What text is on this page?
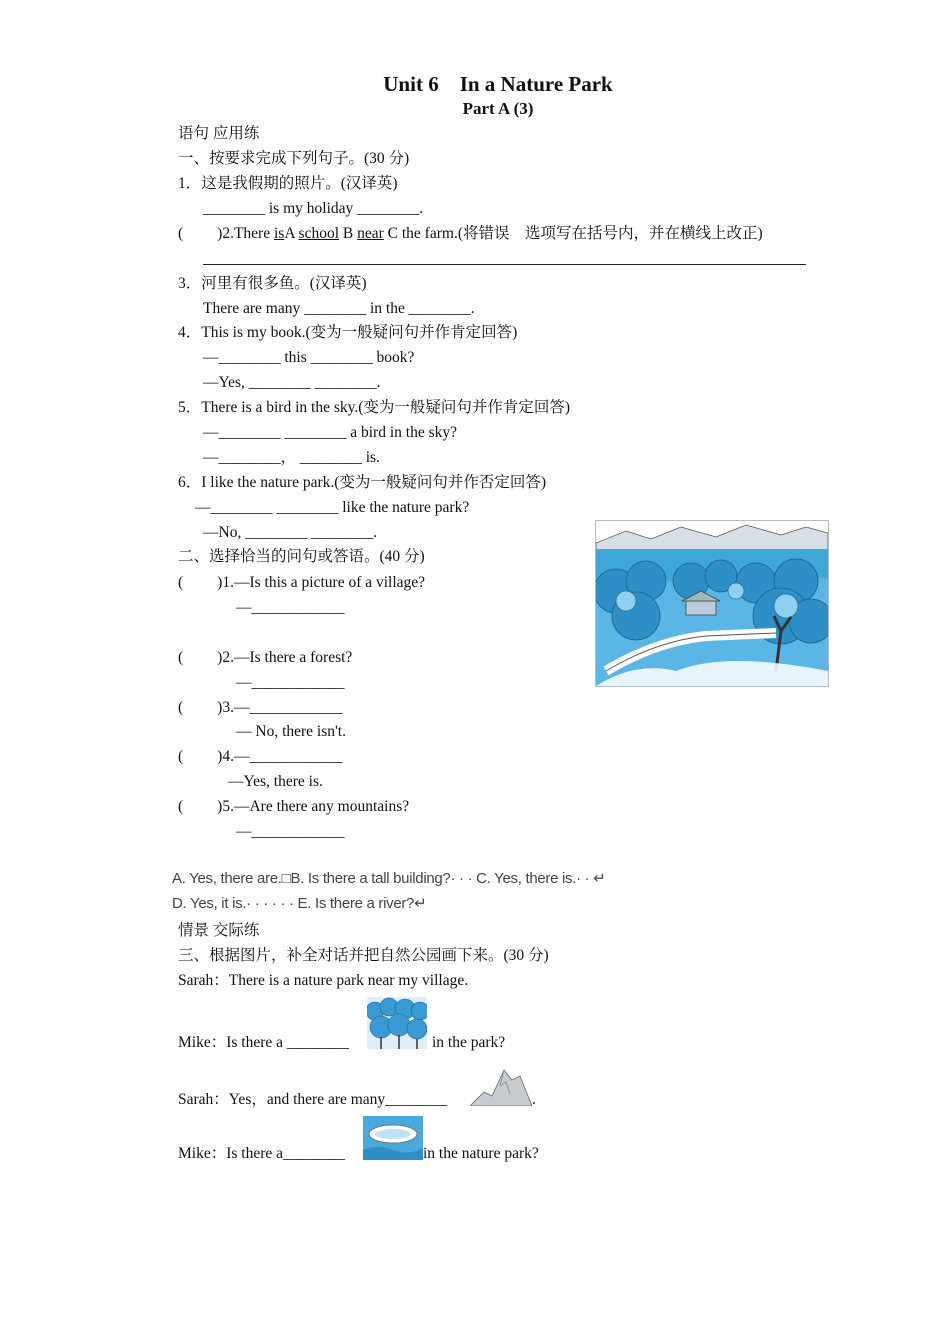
Unit 6    In a Nature Park
Part A (3)
语句 应用练
一、按要求完成下列句子。(30 分)
1．这是我假期的照片。(汉译英)
________ is my holiday ________.
( )2.There isA school B near C the farm.(将错误　选项写在括号内，并在横线上改正)
3．河里有很多鱼。(汉译英)
There are many ________ in the ________.
4．This is my book.(变为一般疑问句并作肯定回答)
—________ this ________ book?
—Yes, ________ ________.
5．There is a bird in the sky.(变为一般疑问句并作肯定回答)
—________ ________ a bird in the sky?
—________， ________ is.
6．I like the nature park.(变为一般疑问句并作否定回答)
—________ ________ like the nature park?
—No, ________ ________.
二、选择恰当的问句或答语。(40 分)
( )1.—Is this a picture of a village?
—____________
( )2.—Is there a forest?
—____________
( )3.—____________
— No, there isn't.
( )4.—____________
—Yes, there is.
( )5.—Are there any mountains?
—____________
A. Yes, there are.□B. Is there a tall building?· · · C. Yes, there is.· · ↵
D. Yes, it is.· · · · · · E. Is there a river?↵
情景 交际练
三、根据图片，补全对话并把自然公园画下来。(30 分)
Sarah：There is a nature park near my village.
Mike：Is there a ________	in the park?
Sarah：Yes，and there are many________	.
Mike：Is there a________	in the nature park?
